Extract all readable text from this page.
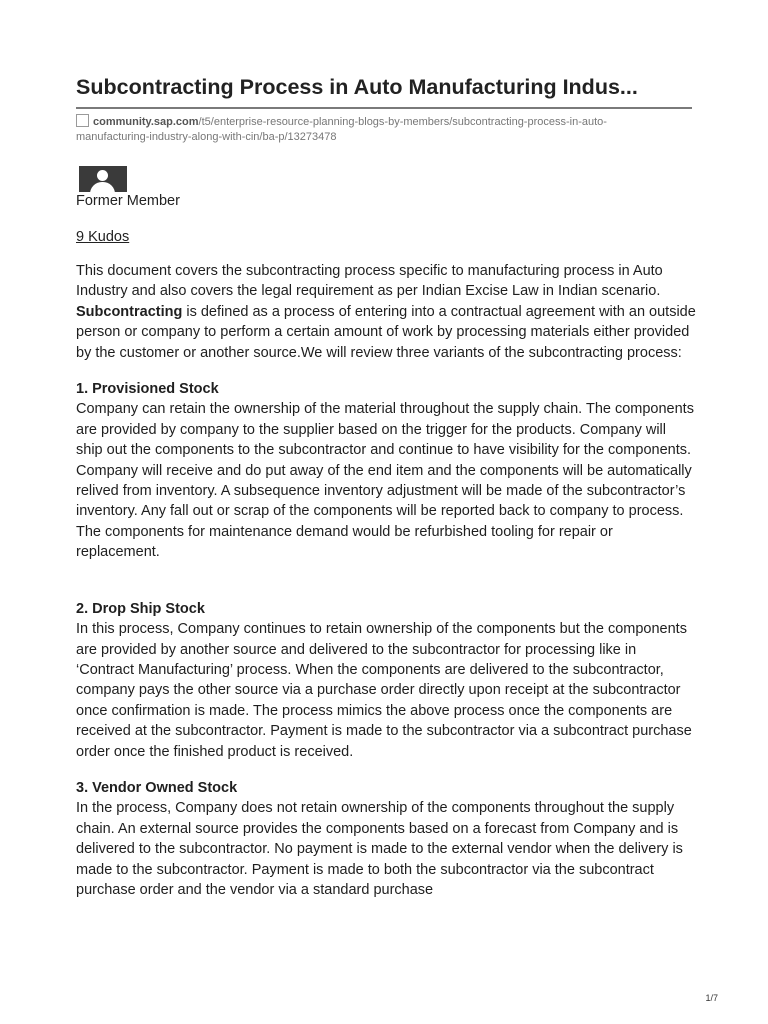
Subcontracting Process in Auto Manufacturing Indus...
community.sap.com/t5/enterprise-resource-planning-blogs-by-members/subcontracting-process-in-auto-
manufacturing-industry-along-with-cin/ba-p/13273478
Former Member
9 Kudos

This document covers the subcontracting process specific to manufacturing process in Auto Industry and also covers the legal requirement as per Indian Excise Law in Indian scenario. Subcontracting is defined as a process of entering into a contractual agreement with an outside person or company to perform a certain amount of work by processing materials either provided by the customer or another source.We will review three variants of the subcontracting process:

1. Provisioned Stock

Company can retain the ownership of the material throughout the supply chain. The components are provided by company to the supplier based on the trigger for the products. Company will ship out the components to the subcontractor and continue to have visibility for the components. Company will receive and do put away of the end item and the components will be automatically relived from inventory. A subsequence inventory adjustment will be made of the subcontractor’s inventory. Any fall out or scrap of the components will be reported back to company to process. The components for maintenance demand would be refurbished tooling for repair or replacement.

2. Drop Ship Stock

In this process, Company continues to retain ownership of the components but the components are provided by another source and delivered to the subcontractor for processing like in ‘Contract Manufacturing’ process. When the components are delivered to the subcontractor, company pays the other source via a purchase order directly upon receipt at the subcontractor once confirmation is made. The process mimics the above process once the components are received at the subcontractor. Payment is made to the subcontractor via a subcontract purchase order once the finished product is received.

3. Vendor Owned Stock

In the process, Company does not retain ownership of the components throughout the supply chain. An external source provides the components based on a forecast from Company and is delivered to the subcontractor. No payment is made to the external vendor when the delivery is made to the subcontractor. Payment is made to both the subcontractor via the subcontract purchase order and the vendor via a standard purchase

1/7
